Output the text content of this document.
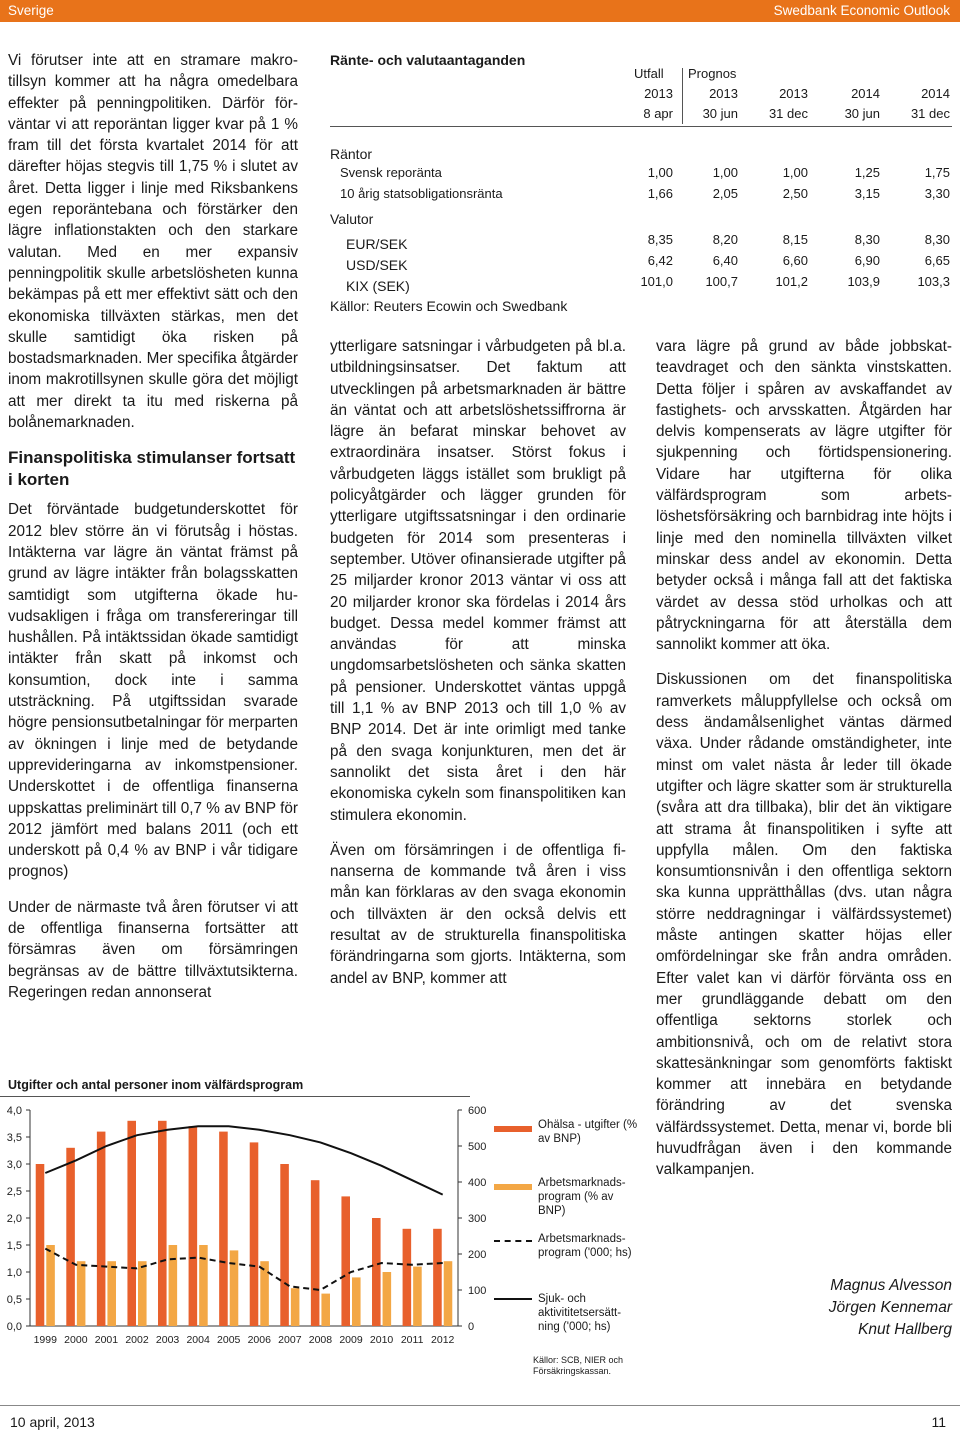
Sverige	Swedbank Economic Outlook

Vi förutser inte att en stramare makrotillsyn kommer att ha några omedelbara effekter på penningpolitiken. Därför förväntar vi att reporäntan ligger kvar på 1 % fram till det första kvartalet 2014 för att därefter höjas stegvis till 1,75 % i slutet av året. Detta ligger i linje med Riksbankens egen reporäntebana och förstärker den lägre inflationstakten och den starkare valutan. Med en mer expansiv penningpolitik skulle arbetslösheten kunna bekämpas på ett mer effektivt sätt och den ekonomiska tillväxten stärkas, men det skulle samtidigt öka risken på bostadsmarknaden. Mer specifika åtgärder inom makrotillsynen skulle göra det möjligt att mer direkt ta itu med riskerna på bolånemarknaden.

Finanspolitiska stimulanser fortsatt i korten

Det förväntade budgetunderskottet för 2012 blev större än vi förutsåg i höstas. Intäkterna var lägre än väntat främst på grund av lägre intäkter från bolagsskatten samtidigt som utgifterna ökade huvudsakligen i fråga om transfereringar till hushållen. På intäktssidan ökade samtidigt intäkter från skatt på inkomst och konsumtion, dock inte i samma utsträckning. På utgiftssidan svarade högre pensionsutbetalningar för merparten av ökningen i linje med de betydande upprevideringarna av inkomstpensioner. Underskottet i de offentliga finanserna uppskattas preliminärt till 0,7 % av BNP för 2012 jämfört med balans 2011 (och ett underskott på 0,4 % av BNP i vår tidigare prognos)

Under de närmaste två åren förutser vi att de offentliga finanserna fortsätter att försämras även om försämringen begränsas av de bättre tillväxtutsikterna. Regeringen redan annonserat

Ränte- och valutaantaganden
Utfall Prognos
2013	2013	2013	2014	2014
8 apr	30 jun	31 dec	30 jun	31 dec
Räntor
Svensk reporänta	1,00	1,00	1,00	1,25	1,75
10 årig statsobligationsränta	1,66	2,05	2,50	3,15	3,30
Valutor
EUR/SEK	8,35	8,20	8,15	8,30	8,30
USD/SEK	6,42	6,40	6,60	6,90	6,65
KIX (SEK)	101,0	100,7	101,2	103,9	103,3
Källor: Reuters Ecowin och Swedbank

ytterligare satsningar i vårbudgeten på bl.a. utbildningsinsatser. Det faktum att utvecklingen på arbetsmarknaden är bättre än väntat och att arbetslöshetssiffrorna är lägre än befarat minskar behovet av extraordinära insatser. Störst fokus i vårbudgeten läggs istället som brukligt på policyåtgärder och lägger grunden för ytterligare utgiftssatsningar i den ordinarie budgeten för 2014 som presenteras i september. Utöver ofinansierade utgifter på 25 miljarder kronor 2013 väntar vi oss att 20 miljarder kronor ska fördelas i 2014 års budget. Dessa medel kommer främst att användas för att minska ungdomsarbetslösheten och sänka skatten på pensioner. Underskottet väntas uppgå till 1,1 % av BNP 2013 och till 1,0 % av BNP 2014. Det är inte orimligt med tanke på den svaga konjunkturen, men det är sannolikt det sista året i den här ekonomiska cykeln som finanspolitiken kan stimulera ekonomin.

Även om försämringen i de offentliga finanserna de kommande två åren i viss mån kan förklaras av den svaga ekonomin och tillväxten är den också delvis ett resultat av de strukturella finanspolitiska förändringarna som gjorts. Intäkterna, som andel av BNP, kommer att

vara lägre på grund av både jobbskatteavdraget och den sänkta vinstskatten. Detta följer i spåren av avskaffandet av fastighets- och arvsskatten. Åtgärden har delvis kompenserats av lägre utgifter för sjukpenning och förtidspensionering. Vidare har utgifterna för olika välfärdsprogram som arbetslöshetsförsäkring och barnbidrag inte höjts i linje med den nominella tillväxten vilket minskar dess andel av ekonomin. Detta betyder också i många fall att det faktiska värdet av dessa stöd urholkas och att påtryckningarna för att återställa dem sannolikt kommer att öka.

Diskussionen om det finanspolitiska ramverkets måluppfyllelse och också om dess ändamålsenlighet väntas därmed växa. Under rådande omständigheter, inte minst om valet nästa år leder till ökade utgifter och lägre skatter som är strukturella (svåra att dra tillbaka), blir det än viktigare att strama åt finanspolitiken i syfte att uppfylla målen. Om den faktiska konsumtionsnivån i den offentliga sektorn ska kunna upprätthållas (dvs. utan några större neddragningar i välfärdssystemet) måste antingen skatter höjas eller omfördelningar ske från andra områden. Efter valet kan vi därför förvänta oss en mer grundläggande debatt om den offentliga sektorns storlek och ambitionsnivå, och om de relativt stora skattesänkningar som genomförts faktiskt kommer att innebära en betydande förändring av det svenska välfärdssystemet. Detta, menar vi, borde bli huvudfrågan även i den kommande valkampanjen.

Magnus Alvesson
Jörgen Kennemar
Knut Hallberg
Utgifter och antal personer inom välfärdsprogram
4,0
3,5
3,0
2,5
2,0
1,5
1,0
0,5
0,0
600
500
400
300
200
100
0
1999 2000 2001 2002 2003 2004 2005 2006 2007 2008 2009 2010 2011 2012
Ohälsa - utgifter (% av BNP)
Arbetsmarknads-program (% av BNP)
Arbetsmarknads-program ('000; hs)
Sjuk- och aktivititetsersätt-ning ('000; hs)
Källor: SCB, NIER och Försäkringskassan.
10 april, 2013	11
